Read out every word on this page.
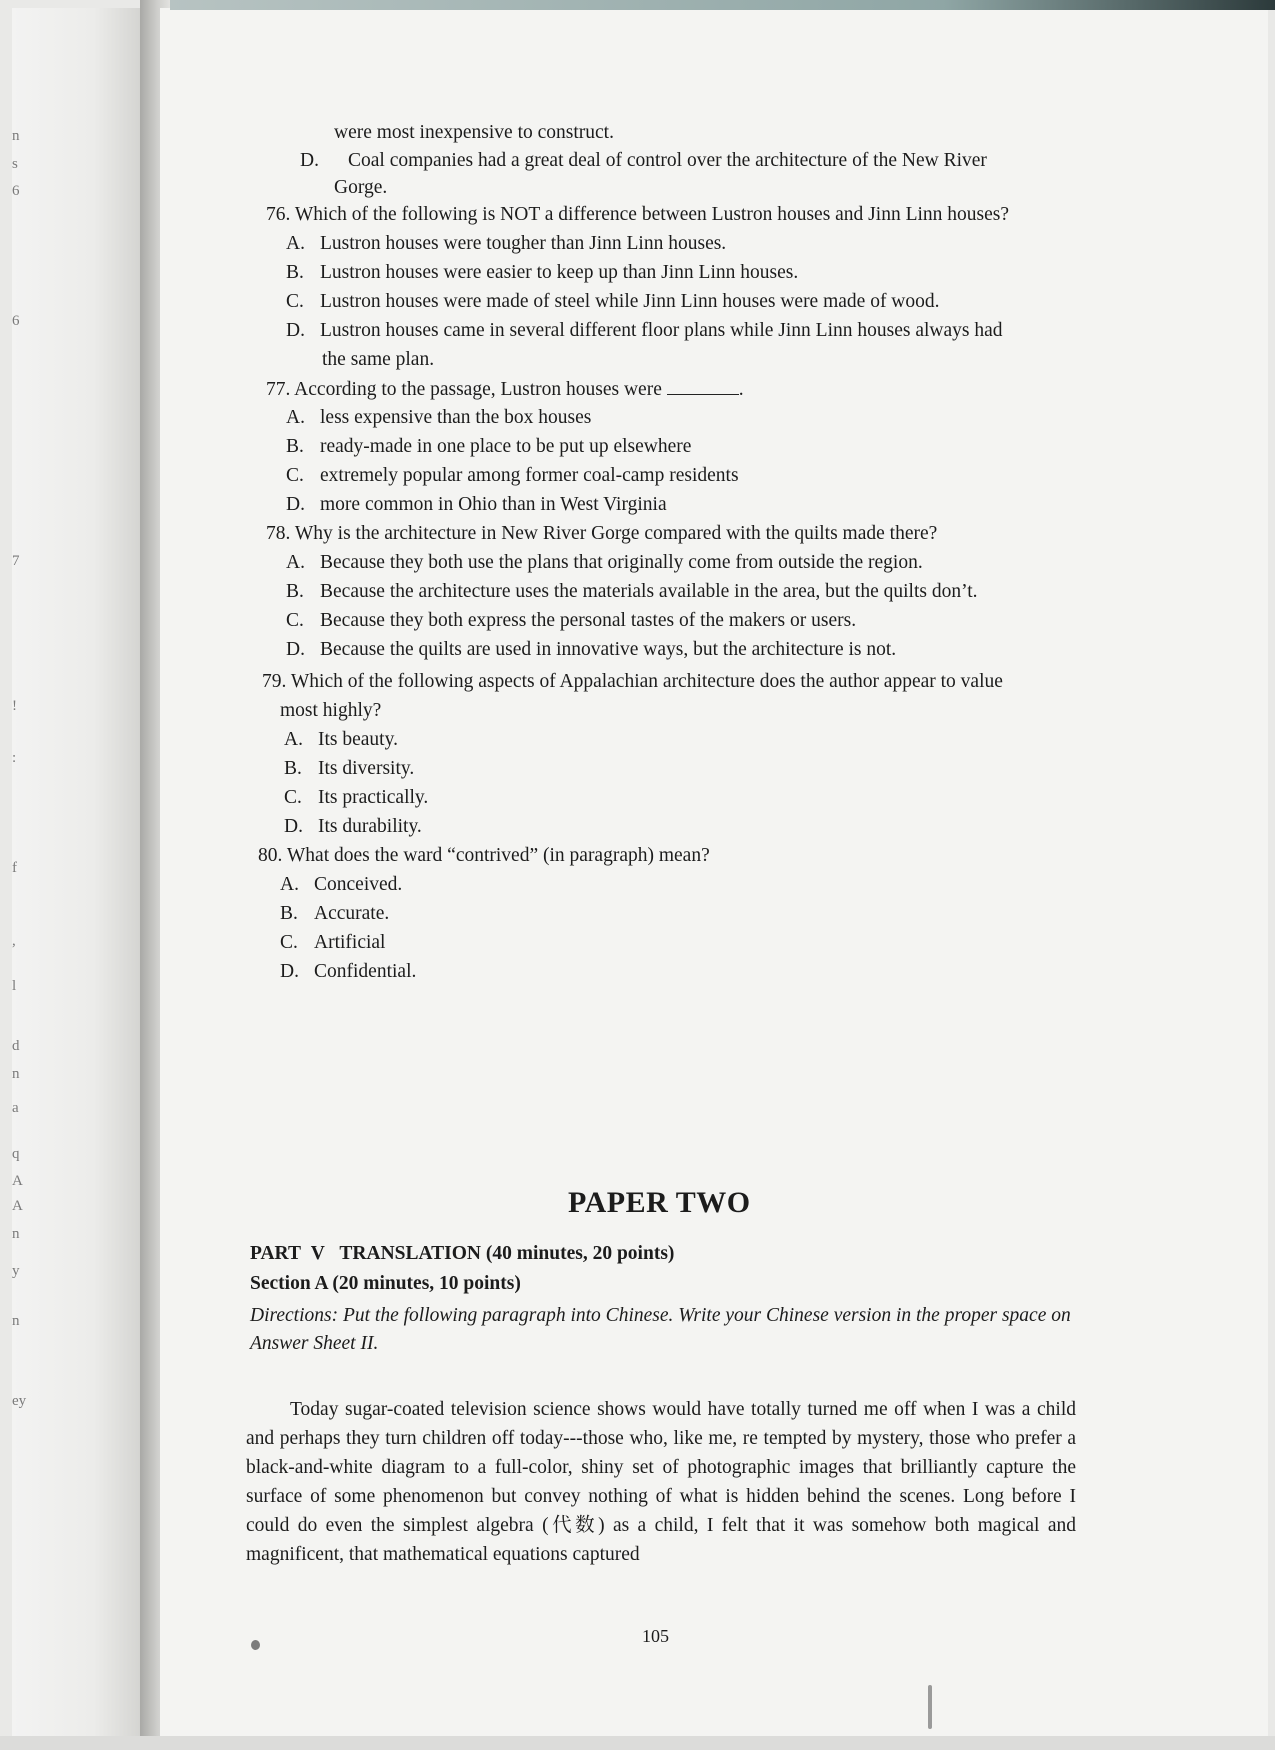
n
s
6
6
7
!
:
f
,
l
d
n
a
q
A
A
n
y
n
ey
were most inexpensive to construct.
D. Coal companies had a great deal of control over the architecture of the New River
Gorge.
76. Which of the following is NOT a difference between Lustron houses and Jinn Linn houses?
A. Lustron houses were tougher than Jinn Linn houses.
B. Lustron houses were easier to keep up than Jinn Linn houses.
C. Lustron houses were made of steel while Jinn Linn houses were made of wood.
D. Lustron houses came in several different floor plans while Jinn Linn houses always had
the same plan.
77. According to the passage, Lustron houses were	.
A. less expensive than the box houses
B. ready-made in one place to be put up elsewhere
C. extremely popular among former coal-camp residents
D. more common in Ohio than in West Virginia
78. Why is the architecture in New River Gorge compared with the quilts made there?
A. Because they both use the plans that originally come from outside the region.
B. Because the architecture uses the materials available in the area, but the quilts don’t.
C. Because they both express the personal tastes of the makers or users.
D. Because the quilts are used in innovative ways, but the architecture is not.
79. Which of the following aspects of Appalachian architecture does the author appear to value
most highly?
A. Its beauty.
B. Its diversity.
C. Its practically.
D. Its durability.
80. What does the ward “contrived” (in paragraph) mean?
A. Conceived.
B. Accurate.
C. Artificial
D. Confidential.
PAPER TWO
PART V TRANSLATION (40 minutes, 20 points)
Section A (20 minutes, 10 points)
Directions: Put the following paragraph into Chinese. Write your Chinese version in the proper space on Answer Sheet II.
Today sugar-coated television science shows would have totally turned me off when I was a child and perhaps they turn children off today---those who, like me, re tempted by mystery, those who prefer a black-and-white diagram to a full-color, shiny set of photographic images that brilliantly capture the surface of some phenomenon but convey nothing of what is hidden behind the scenes. Long before I could do even the simplest algebra (代数) as a child, I felt that it was somehow both magical and magnificent, that mathematical equations captured
105
